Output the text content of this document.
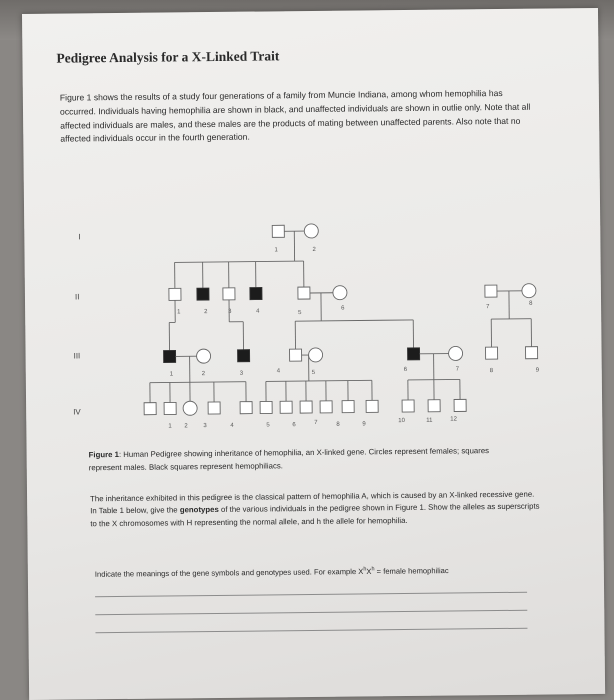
Pedigree Analysis for a X-Linked Trait

Figure 1 shows the results of a study four generations of a family from Muncie Indiana, among whom hemophilia has occurred. Individuals having hemophilia are shown in black, and unaffected individuals are shown in outlie only. Note that all affected individuals are males, and these males are the products of mating between unaffected parents. Also note that no affected individuals occur in the fourth generation.

I
II
III
IV
1	2
1	2	3	4	5
6	7
8
1	2	3	4	5	6	7	8	9
1 2	3	4	5	6	7	8	9
10	11	12

Figure 1: Human Pedigree showing inheritance of hemophilia, an X-linked gene. Circles represent females; squares represent males. Black squares represent hemophiliacs.

The inheritance exhibited in this pedigree is the classical pattern of hemophilia A, which is caused by an X-linked recessive gene. In Table 1 below, give the genotypes of the various individuals in the pedigree shown in Figure 1. Show the alleles as superscripts to the X chromosomes with H representing the normal allele, and h the allele for hemophilia.

Indicate the meanings of the gene symbols and genotypes used. For example $X^hX^h$ = female hemophiliac
